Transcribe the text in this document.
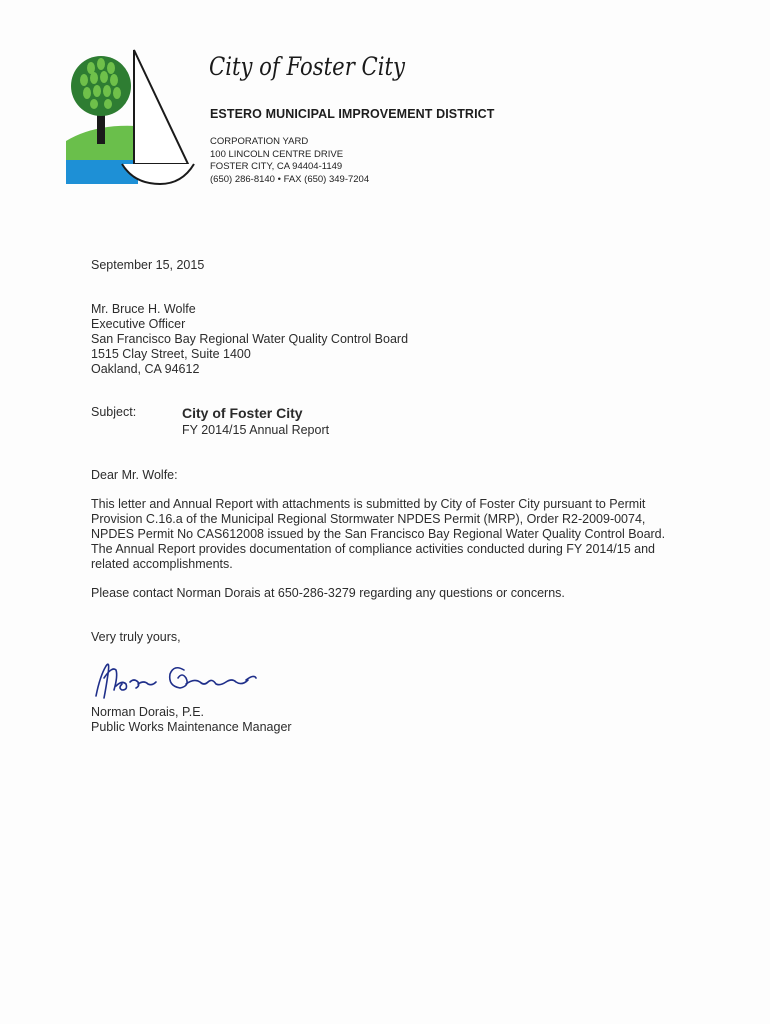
City of Foster City
ESTERO MUNICIPAL IMPROVEMENT DISTRICT
CORPORATION YARD
100 LINCOLN CENTRE DRIVE
FOSTER CITY, CA 94404-1149
(650) 286-8140 • FAX (650) 349-7204
September 15, 2015
Mr. Bruce H. Wolfe
Executive Officer
San Francisco Bay Regional Water Quality Control Board
1515 Clay Street, Suite 1400
Oakland, CA 94612
Subject:	City of Foster City
FY 2014/15 Annual Report
Dear Mr. Wolfe:
This letter and Annual Report with attachments is submitted by City of Foster City pursuant to Permit
Provision C.16.a of the Municipal Regional Stormwater NPDES Permit (MRP), Order R2-2009-0074,
NPDES Permit No CAS612008 issued by the San Francisco Bay Regional Water Quality Control Board.
The Annual Report provides documentation of compliance activities conducted during FY 2014/15 and
related accomplishments.
Please contact Norman Dorais at 650-286-3279 regarding any questions or concerns.
Very truly yours,
Norman Dorais, P.E.
Public Works Maintenance Manager
